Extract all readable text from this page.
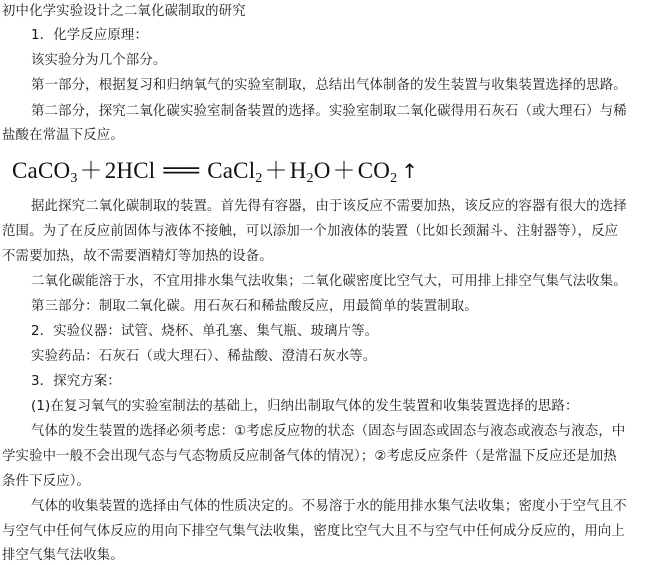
初中化学实验设计之二氧化碳制取的研究
1．化学反应原理：
该实验分为几个部分。
第一部分，根据复习和归纳氧气的实验室制取，总结出气体制备的发生装置与收集装置选择的思路。
第二部分，探究二氧化碳实验室制备装置的选择。实验室制取二氧化碳得用石灰石（或大理石）与稀
盐酸在常温下反应。
CaCO$_3$＋2HCl ══ $CaCl_2+H_2O+CO_2$ ↑
据此探究二氧化碳制取的装置。首先得有容器，由于该反应不需要加热，该反应的容器有很大的选择
范围。为了在反应前固体与液体不接触，可以添加一个加液体的装置（比如长颈漏斗、注射器等），反应
不需要加热，故不需要酒精灯等加热的设备。
二氧化碳能溶于水，不宜用排水集气法收集；二氧化碳密度比空气大，可用排上排空气集气法收集。
第三部分：制取二氧化碳。用石灰石和稀盐酸反应，用最简单的装置制取。
2．实验仪器：试管、烧杯、单孔塞、集气瓶、玻璃片等。
实验药品：石灰石（或大理石）、稀盐酸、澄清石灰水等。
3．探究方案：
(1)在复习氧气的实验室制法的基础上，归纳出制取气体的发生装置和收集装置选择的思路：
气体的发生装置的选择必须考虑：①考虑反应物的状态（固态与固态或固态与液态或液态与液态，中
学实验中一般不会出现气态与气态物质反应制备气体的情况）；②考虑反应条件（是常温下反应还是加热
条件下反应）。
气体的收集装置的选择由气体的性质决定的。不易溶于水的能用排水集气法收集；密度小于空气且不
与空气中任何气体反应的用向下排空气集气法收集，密度比空气大且不与空气中任何成分反应的，用向上
排空气集气法收集。
